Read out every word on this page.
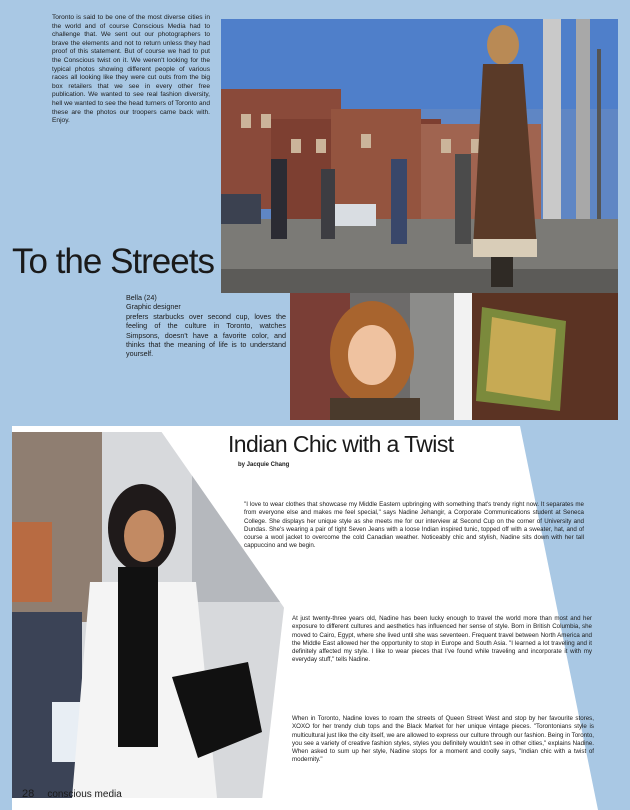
Toronto is said to be one of the most diverse cities in the world and of course Conscious Media had to challenge that. We sent out our photographers to brave the elements and not to return unless they had proof of this statement. But of course we had to put the Conscious twist on it. We weren't looking for the typical photos showing different people of various races all looking like they were cut outs from the big box retailers that we see in every other free publication. We wanted to see real fashion diversity, hell we wanted to see the head turners of Toronto and these are the photos our troopers came back with. Enjoy.

To the Streets
Bella (24)
Graphic designer
prefers starbucks over second cup, loves the feeling of the culture in Toronto, watches Simpsons, doesn't have a favorite color, and thinks that the meaning of life is to understand yourself.
Indian Chic with a Twist
by Jacquie Chang

"I love to wear clothes that showcase my Middle Eastern upbringing with something that's trendy right now. It separates me from everyone else and makes me feel special," says Nadine Jehangir, a Corporate Communications student at Seneca College. She displays her unique style as she meets me for our interview at Second Cup on the corner of University and Dundas. She's wearing a pair of tight Seven Jeans with a loose Indian inspired tunic, topped off with a sweater, hat, and of course a wool jacket to overcome the cold Canadian weather. Noticeably chic and stylish, Nadine sits down with her tall cappuccino and we begin.

At just twenty-three years old, Nadine has been lucky enough to travel the world more than most and her exposure to different cultures and aesthetics has influenced her sense of style. Born in British Columbia, she moved to Cairo, Egypt, where she lived until she was seventeen. Frequent travel between North America and the Middle East allowed her the opportunity to stop in Europe and South Asia. "I learned a lot traveling and it definitely affected my style. I like to wear pieces that I've found while traveling and incorporate it with my everyday stuff," tells Nadine.

When in Toronto, Nadine loves to roam the streets of Queen Street West and stop by her favourite stores, XOXO for her trendy club tops and the Black Market for her unique vintage pieces. "Torontonians style is multicultural just like the city itself, we are allowed to express our culture through our fashion. Being in Toronto, you see a variety of creative fashion styles, styles you definitely wouldn't see in other cities," explains Nadine. When asked to sum up her style, Nadine stops for a moment and coolly says, "Indian chic with a twist of modernity."

28 conscious media
